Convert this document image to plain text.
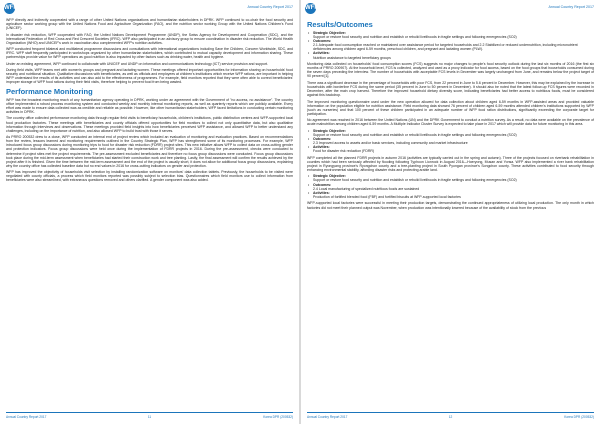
WFP	Annual Country Report 2017

WFP directly and indirectly cooperated with a range of other United Nations organizations and humanitarian stakeholders in DPRK. WFP continued to co-chair the food security and agriculture sector working group with the United Nations Food and Agriculture Organization (FAO), and the nutrition sector working Group with the United Nations Children's Fund (UNICEF).

In disaster risk reduction, WFP cooperated with FAO, the United Nations Development Programme (UNDP), the Swiss Agency for Development and Cooperation (SDC), and the International Federation of Red Cross and Red Crescent Societies (IFRC). WFP also participated in an advisory group to ensure coordination in disaster risk reduction. The World Health Organization (WHO) and UNICEF's work in vaccination also complemented WFP's nutrition activities.

WFP conducted frequent bilateral and multilateral programme discussions and consultations with international organizations including Save the Children, Concern Worldwide, SDC, and IFRC. WFP staff frequently participated in workshops organized by other humanitarian stakeholders, which contributed to mutual capacity development and information sharing. These partnerships provide value for WFP operations as good nutrition is also impacted by other factors such as drinking water, health and hygiene.

Under an existing agreement, WFP continued to collaborate with UNICEF and UNDP on information and communications technology (ICT) service provision and support.

During field visits, WFP teams met with women's groups and pregnant and lactating women. These meetings offered important opportunities for information sharing on households' food security and nutritional situation. Qualitative discussions with beneficiaries, as well as officials and employees at children's institutions which receive WFP rations, are important in helping WFP understand the results of its activities and can also add to the effectiveness of programmes. For example, field monitors reported that they were often able to correct beneficiaries' improper storage of WFP food rations during their field visits, therefore helping to prevent food from being wasted.

Performance Monitoring

WFP has the broadest monitoring reach of any humanitarian agency operating in DPRK, working under an agreement with the Government of "no access, no assistance". The country office implemented a robust process monitoring system and conducted weekly and monthly internal monitoring reports, as well as quarterly reports which are publicly available. Every effort was made to ensure data collected was as credible and reliable as possible. However, like other humanitarian stakeholders, WFP faced limitations in conducting certain monitoring activities in DPRK.

The country office collected performance monitoring data through regular field visits to beneficiary households, children's institutions, public distribution centres and WFP-supported local food production factories. These meetings with beneficiaries and county officials offered opportunities for field monitors to collect not only quantitative data, but also qualitative information through interviews and observations. These meetings provided field insights into how beneficiaries perceived WFP assistance, and allowed WFP to better understand any challenges, including on the importance of nutrition, and also allowed WFP to build trust with those it serves.

As PRRO 200532 drew to a close, WFP conducted an internal end of project review which included an evaluation of monitoring and evaluation practices. Based on recommendations from the review, lessons learned and monitoring requirements outlined in the Country Strategic Plan, WFP has strengthened some of its monitoring processes. For example, WFP introduced focus group discussions during monitoring trips to food for disaster risk reduction (FDRR) project sites. This new initiative allows WFP to collect data on cross-cutting gender and protection indicators. Focus group discussions were held once during the implementation of FDRR projects in 2016. During the pre-assessment, checks were conducted to determine if project sites met the project requirements. The pre-assessment excluded beneficiaries and therefore no focus group discussions were conducted. Focus group discussions took place during the mid-term assessment when beneficiaries had started their construction work and tree planting. Lastly, the final assessment will confirm the results achieved by the project after it is finished. Given the time between the mid-term assessment and the end of the project is usually short, it does not allow for additional focus group discussions, explaining why the country office has collected baseline data but no end values in 2016 for cross-cutting indicators on gender and protection.

WFP has improved the objectivity of households visit selection by installing randomization software on monitors' data collection tablets. Previously, the households to be visited were negotiated with county officials, a process which field monitors reported was possibly subject to selection bias. Questionnaires which field monitors use to collect information from beneficiaries were also streamlined, with extraneous questions removed and others clarified. A gender component was also added.

Annual Country Report 2017	11	Korea DPR (200532)
WFP	Annual Country Report 2017
Results/Outcomes
• Strategic Objective:
Support or restore food security and nutrition and establish or rebuild livelihoods in fragile settings and following emergencies (SO2)
• Outcomes:
2.1 Adequate food consumption reached or maintained over assistance period for targeted households and 2.2 Stabilized or reduced undernutrition, including micronutrient deficiencies among children aged 6-59 months, preschool children, and pregnant and lactating women (PLW).
• Activities:
Nutrition assistance to targeted beneficiary groups

Monitoring data collected on households' food consumption scores (FCS) suggests no major changes to people's food security outlook during the last six months of 2016 (the first six months of PRRO 200907). At the household level, FCS is collected, analyzed and used as a proxy indicator for food access, based on the food groups that households consumed during the seven days preceding the interview. The number of households with acceptable FCS levels in December was largely unchanged from June, and remains below the project target of 90 percent [1].

There was a significant decrease in the percentage of households with poor FCS, from 22 percent in June to 5.6 percent in December. However, this may be explained by the increase in households with borderline FCS during the same period (35 percent in June to 50 percent in December). It should also be noted that the latest follow-up FCS figures were recorded in December, after the main crop harvest. Therefore the improved household dietary diversity score, indicating beneficiaries had better access to nutritious foods, must be considered against this backdrop.

The improved monitoring questionnaire used under the new operation allowed for data collection about children aged 6-59 months in WFP-assisted areas and provided valuable information on the population eligible for nutrition assistance. Field monitoring data showed 76 percent of children aged 6-59 months attended children's institutions supported by WFP (such as nurseries) and that 100 percent of these children participated in an adequate number of WFP food ration distributions, significantly exceeding the corporate target for participation.

No agreement was reached in 2016 between the United Nations (UN) and the DPRK Government to conduct a nutrition survey. As a result, no data were available on the prevalence of acute malnutrition among children aged 6-59 months. A Multiple Indicator Cluster Survey is expected to take place in 2017 which will provide data for future monitoring in this area.

• Strategic Objective:
Support or restore food security and nutrition and establish or rebuild livelihoods in fragile settings and following emergencies (SO2)
• Outcomes:
2.3 Improved access to assets and/or basic services, including community and market infrastructure
• Activities:
Food for disaster risk reduction (FDRR)

WFP completed all the planned FDRR projects in autumn 2016 (activities are typically carried out in the spring and autumn). Three of the projects focused on riverbank rehabilitation in counties which had been seriously affected by flooding following Typhoon Lionrock in August 2016—Hoeryong, Musan and Yonsa. WFP also implemented a river bank rehabilitation project in Ryongyang province's Ryongchon county and a tree-planting project in South Pyongan province's Songchon county. These activities contributed to food security through enhancing environmental stability, affording disaster risks and protecting arable land.

• Strategic Objective:
Support or restore food security and nutrition and establish or rebuild livelihoods in fragile settings and following emergencies (SO2)
• Outcomes:
2.4 Local manufacturing of specialized nutritious foods are sustained
• Activities:
Production of fortified blended food (FBF) and fortified biscuits at WFP-supported local factories

WFP-supported local factories were successful in meeting their production targets, demonstrating the continued appropriateness of utilizing local production. The only month in which factories did not meet their planned output was November, when production was intentionally lowered because of the availability of stock from the previous

Annual Country Report 2017	12	Korea DPR (200532)
